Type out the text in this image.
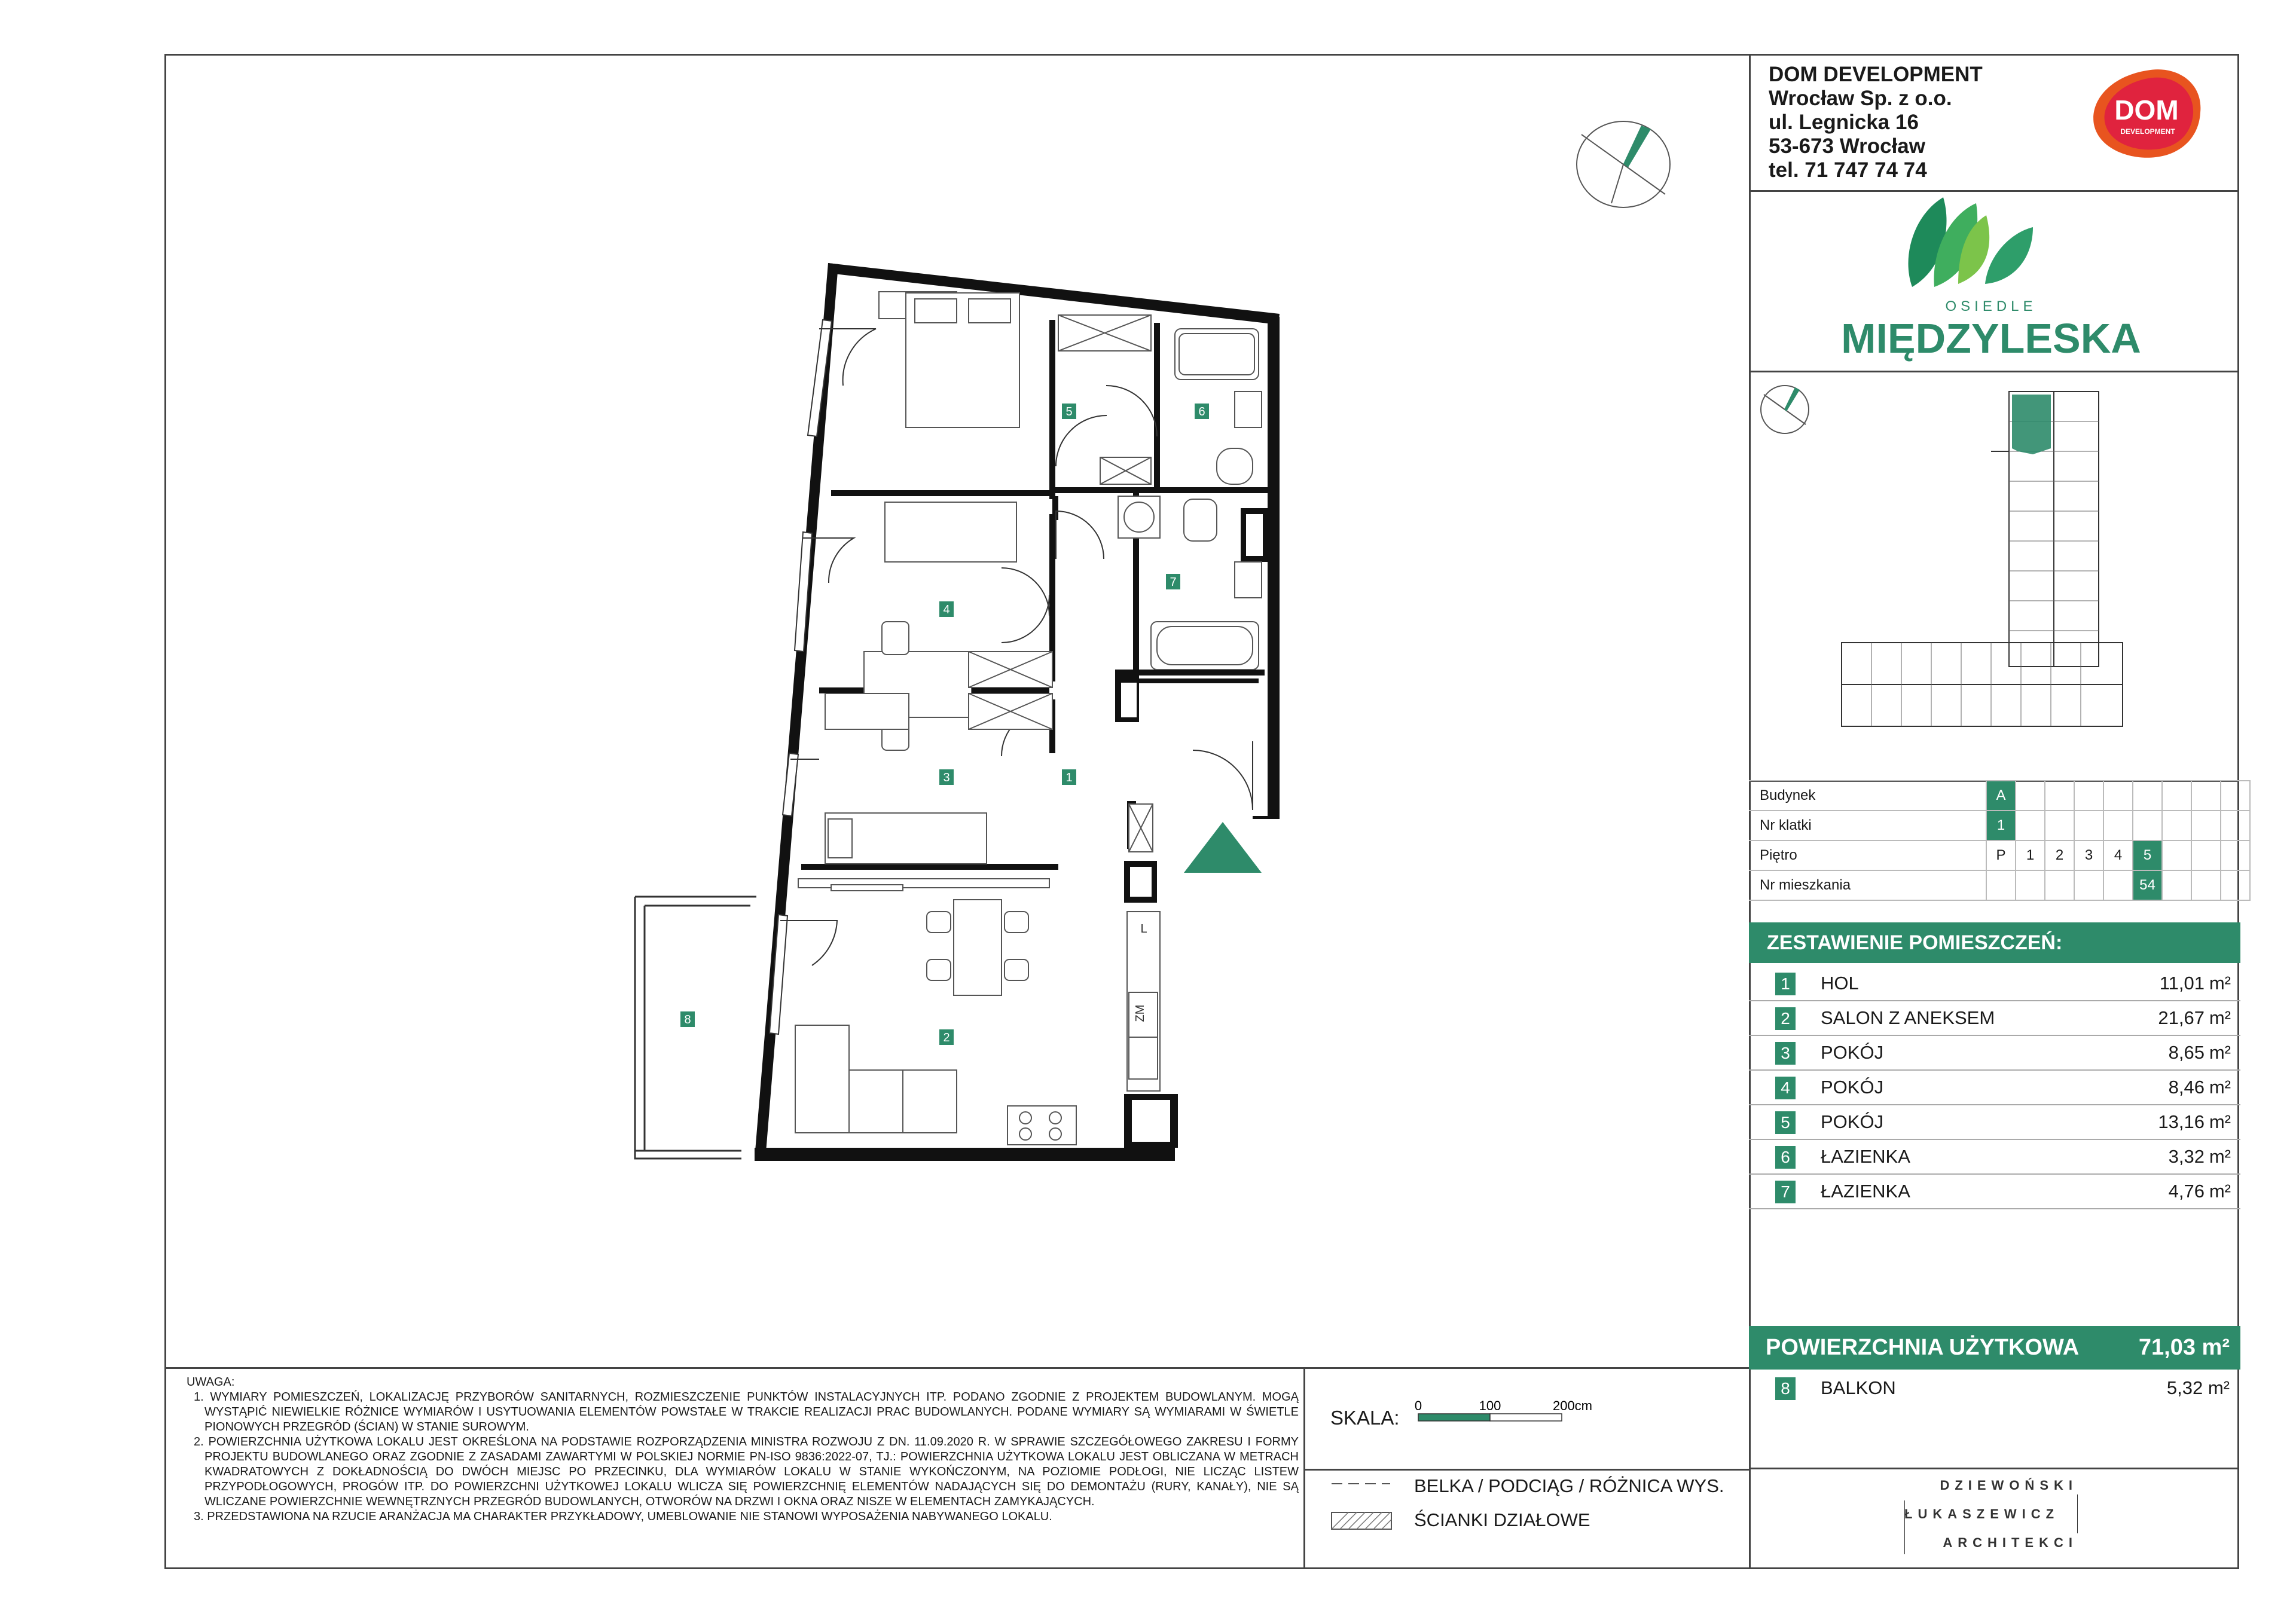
DOM DEVELOPMENT
Wrocław Sp. z o.o.
ul. Legnicka 16
53-673 Wrocław
tel. 71 747 74 74
DOM
DEVELOPMENT
OSIEDLE
MIĘDZYLESKA
Budynek	A								
Nr klatki	1								
Piętro	P	1	2	3	4	5			
Nr mieszkania						54			
ZESTAWIENIE POMIESZCZEŃ:
1 HOL	11,01 m²
2 SALON Z ANEKSEM	21,67 m²
3 POKÓJ	8,65 m²
4 POKÓJ	8,46 m²
5 POKÓJ	13,16 m²
6 ŁAZIENKA	3,32 m²
7 ŁAZIENKA	4,76 m²
POWIERZCHNIA UŻYTKOWA	71,03 m²
8 BALKON	5,32 m²
UWAGA:
1. WYMIARY POMIESZCZEŃ, LOKALIZACJĘ PRZYBORÓW SANITARNYCH, ROZMIESZCZENIE PUNKTÓW INSTALACYJNYCH ITP. PODANO ZGODNIE Z PROJEKTEM BUDOWLANYM. MOGĄ WYSTĄPIĆ NIEWIELKIE RÓŻNICE WYMIARÓW I USYTUOWANIA ELEMENTÓW POWSTAŁE W TRAKCIE REALIZACJI PRAC BUDOWLANYCH. PODANE WYMIARY SĄ WYMIARAMI W ŚWIETLE PIONOWYCH PRZEGRÓD (ŚCIAN) W STANIE SUROWYM.
2. POWIERZCHNIA UŻYTKOWA LOKALU JEST OKREŚLONA NA PODSTAWIE ROZPORZĄDZENIA MINISTRA ROZWOJU Z DN. 11.09.2020 R. W SPRAWIE SZCZEGÓŁOWEGO ZAKRESU I FORMY PROJEKTU BUDOWLANEGO ORAZ ZGODNIE Z ZASADAMI ZAWARTYMI W POLSKIEJ NORMIE PN-ISO 9836:2022-07, TJ.: POWIERZCHNIA UŻYTKOWA LOKALU JEST OBLICZANA W METRACH KWADRATOWYCH Z DOKŁADNOŚCIĄ DO DWÓCH MIEJSC PO PRZECINKU, DLA WYMIARÓW LOKALU W STANIE WYKOŃCZONYM, NA POZIOMIE PODŁOGI, NIE LICZĄC LISTEW PRZYPODŁOGOWYCH, PROGÓW ITP. DO POWIERZCHNI UŻYTKOWEJ LOKALU WLICZA SIĘ POWIERZCHNIĘ ELEMENTÓW NADAJĄCYCH SIĘ DO DEMONTAŻU (RURY, KANAŁY), NIE SĄ WLICZANE POWIERZCHNIE WEWNĘTRZNYCH PRZEGRÓD BUDOWLANYCH, OTWORÓW NA DRZWI I OKNA ORAZ NISZE W ELEMENTACH ZAMYKAJĄCYCH.
3. PRZEDSTAWIONA NA RZUCIE ARANŻACJA MA CHARAKTER PRZYKŁADOWY, UMEBLOWANIE NIE STANOWI WYPOSAŻENIA NABYWANEGO LOKALU.
SKALA:
0	100	200cm
BELKA / PODCIĄG / RÓŻNICA WYS.
ŚCIANKI DZIAŁOWE
DZIEWOŃSKI
ŁUKASZEWICZ
ARCHITEKCI
L
ZM
1
2
3
4
5	6
7
8
